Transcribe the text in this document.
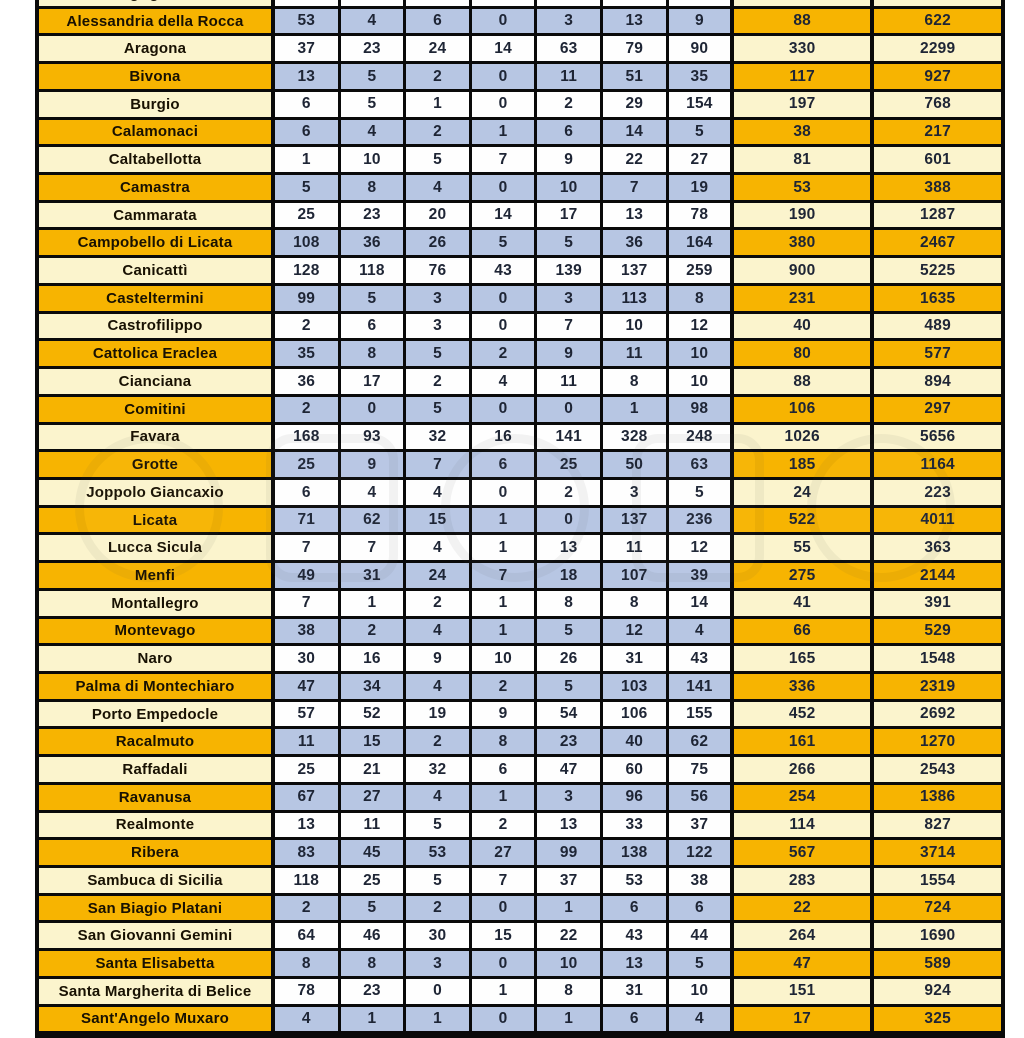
Alessandria della Rocca	53	4	6	0	3	13	9	88	622
Aragona	37	23	24	14	63	79	90	330	2299
Bivona	13	5	2	0	11	51	35	117	927
Burgio	6	5	1	0	2	29	154	197	768
Calamonaci	6	4	2	1	6	14	5	38	217
Caltabellotta	1	10	5	7	9	22	27	81	601
Camastra	5	8	4	0	10	7	19	53	388
Cammarata	25	23	20	14	17	13	78	190	1287
Campobello di Licata	108	36	26	5	5	36	164	380	2467
Canicattì	128	118	76	43	139	137	259	900	5225
Casteltermini	99	5	3	0	3	113	8	231	1635
Castrofilippo	2	6	3	0	7	10	12	40	489
Cattolica Eraclea	35	8	5	2	9	11	10	80	577
Cianciana	36	17	2	4	11	8	10	88	894
Comitini	2	0	5	0	0	1	98	106	297
Favara	168	93	32	16	141	328	248	1026	5656
Grotte	25	9	7	6	25	50	63	185	1164
Joppolo Giancaxio	6	4	4	0	2	3	5	24	223
Licata	71	62	15	1	0	137	236	522	4011
Lucca Sicula	7	7	4	1	13	11	12	55	363
Menfi	49	31	24	7	18	107	39	275	2144
Montallegro	7	1	2	1	8	8	14	41	391
Montevago	38	2	4	1	5	12	4	66	529
Naro	30	16	9	10	26	31	43	165	1548
Palma di Montechiaro	47	34	4	2	5	103	141	336	2319
Porto Empedocle	57	52	19	9	54	106	155	452	2692
Racalmuto	11	15	2	8	23	40	62	161	1270
Raffadali	25	21	32	6	47	60	75	266	2543
Ravanusa	67	27	4	1	3	96	56	254	1386
Realmonte	13	11	5	2	13	33	37	114	827
Ribera	83	45	53	27	99	138	122	567	3714
Sambuca di Sicilia	118	25	5	7	37	53	38	283	1554
San Biagio Platani	2	5	2	0	1	6	6	22	724
San Giovanni Gemini	64	46	30	15	22	43	44	264	1690
Santa Elisabetta	8	8	3	0	10	13	5	47	589
Santa Margherita di Belice	78	23	0	1	8	31	10	151	924
Sant'Angelo Muxaro	4	1	1	0	1	6	4	17	325
